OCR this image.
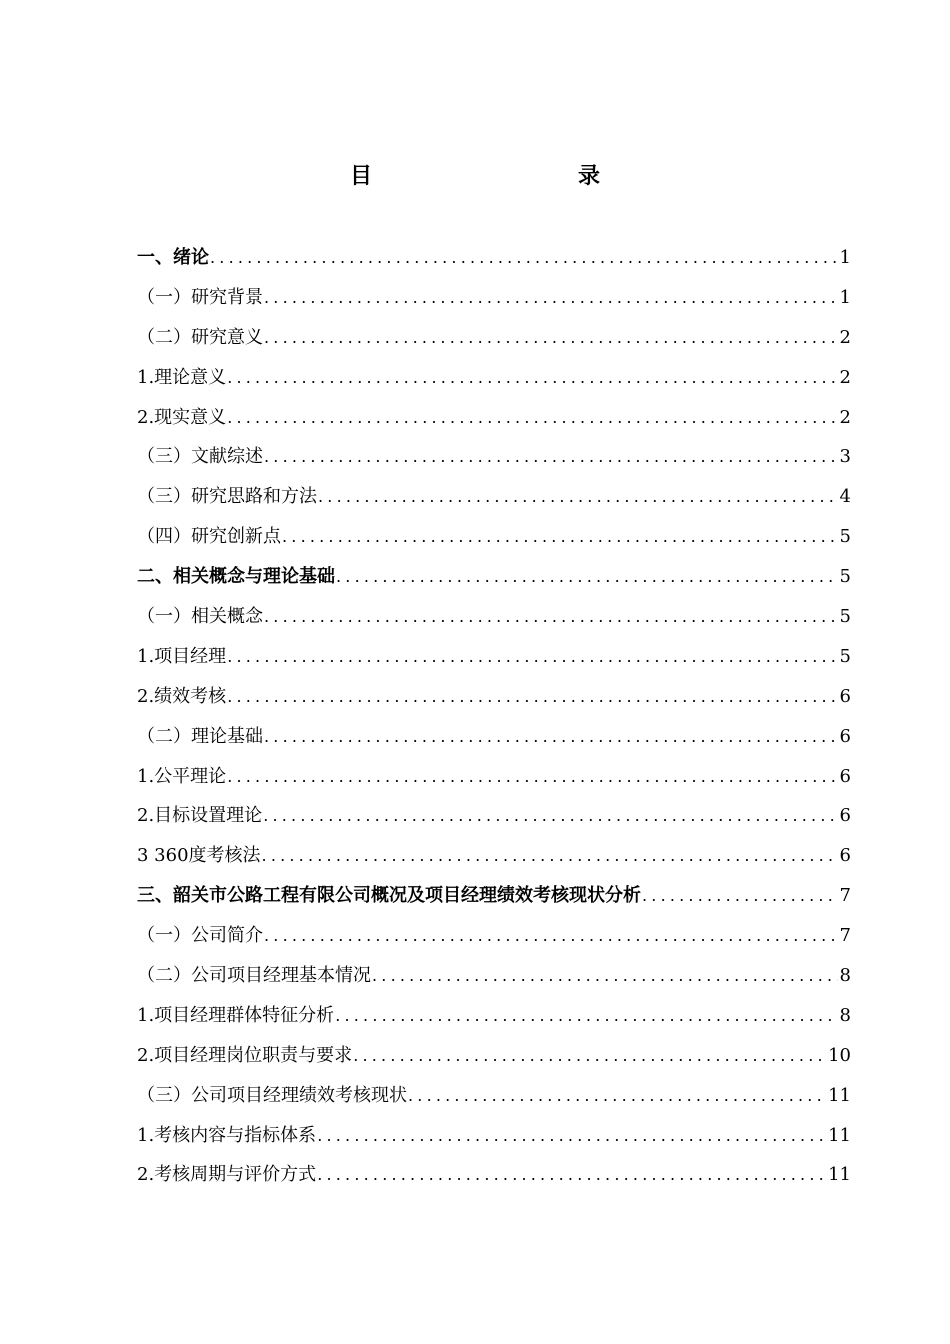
目　　录
一、绪论 .....	1
（一）研究背景 .....	1
（二）研究意义 .....	2
1.理论意义 .....	2
2.现实意义 .....	2
（三）文献综述 .....	3
（三）研究思路和方法 .....	4
（四）研究创新点 .....	5
二、相关概念与理论基础 .....	5
（一）相关概念 .....	5
1.项目经理 .....	5
2.绩效考核 .....	6
（二）理论基础 .....	6
1.公平理论 .....	6
2.目标设置理论 .....	6
3 360度考核法 .....	6
三、韶关市公路工程有限公司概况及项目经理绩效考核现状分析 .....	7
（一）公司简介 .....	7
（二）公司项目经理基本情况 .....	8
1.项目经理群体特征分析 .....	8
2.项目经理岗位职责与要求 .....	10
（三）公司项目经理绩效考核现状 .....	11
1.考核内容与指标体系 .....	11
2.考核周期与评价方式 .....	11
